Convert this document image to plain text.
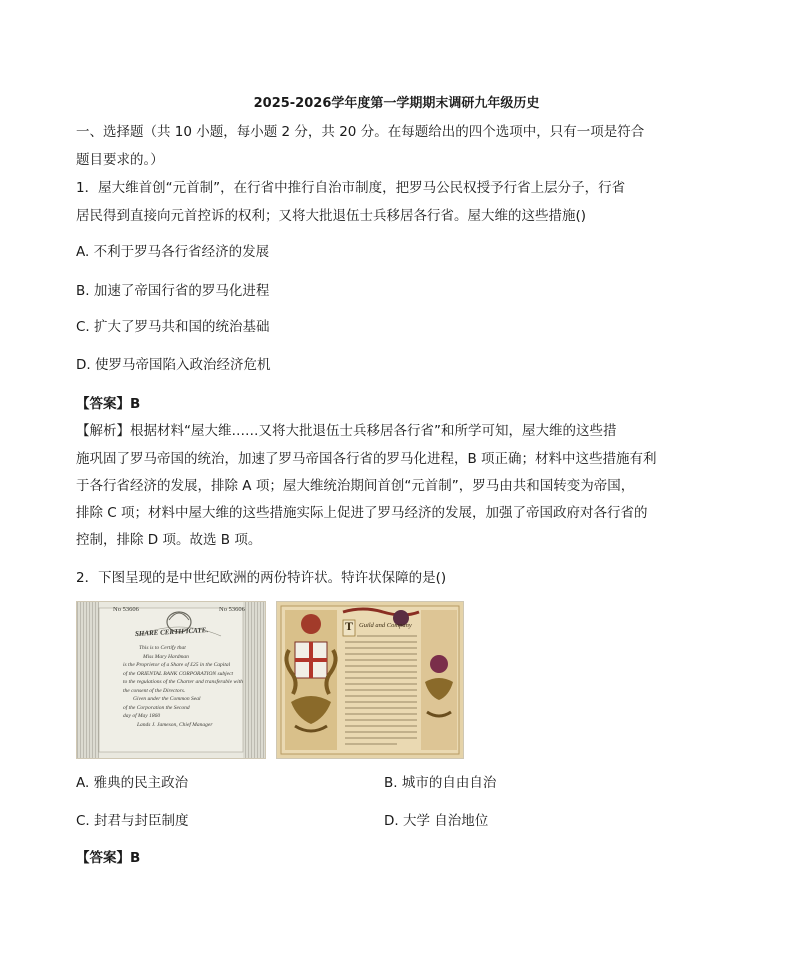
2025-2026学年度第一学期期末调研九年级历史
一、选择题（共 10 小题，每小题 2 分，共 20 分。在每题给出的四个选项中，只有一项是符合
题目要求的。）
1．屋大维首创“元首制”，在行省中推行自治市制度，把罗马公民权授予行省上层分子，行省
居民得到直接向元首控诉的权利；又将大批退伍士兵移居各行省。屋大维的这些措施()
A. 不利于罗马各行省经济的发展
B. 加速了帝国行省的罗马化进程
C. 扩大了罗马共和国的统治基础
D. 使罗马帝国陷入政治经济危机
【答案】B
【解析】根据材料“屋大维……又将大批退伍士兵移居各行省”和所学可知，屋大维的这些措
施巩固了罗马帝国的统治，加速了罗马帝国各行省的罗马化进程，B 项正确；材料中这些措施有利
于各行省经济的发展，排除 A 项；屋大维统治期间首创“元首制”，罗马由共和国转变为帝国，
排除 C 项；材料中屋大维的这些措施实际上促进了罗马经济的发展，加强了帝国政府对各行省的
控制，排除 D 项。故选 B 项。
2．下图呈现的是中世纪欧洲的两份特许状。特许状保障的是()
No 53606	No 53606
SHARE CERTIFICATE.
This is to Certify that
Miss Mary Hardman
is the Proprietor of a Share of £25 in the Capital
of the ORIENTAL BANK CORPORATION subject
to the regulations of the Charter and transferable with
the consent of the Directors.
Given under the Common Seal
of the Corporation the Second
day of May 1860
Lands J. Jameson, Chief Manager
T Guild and Company
A. 雅典的民主政治	B. 城市的自由自治
C. 封君与封臣制度	D. 大学 自治地位
【答案】B
